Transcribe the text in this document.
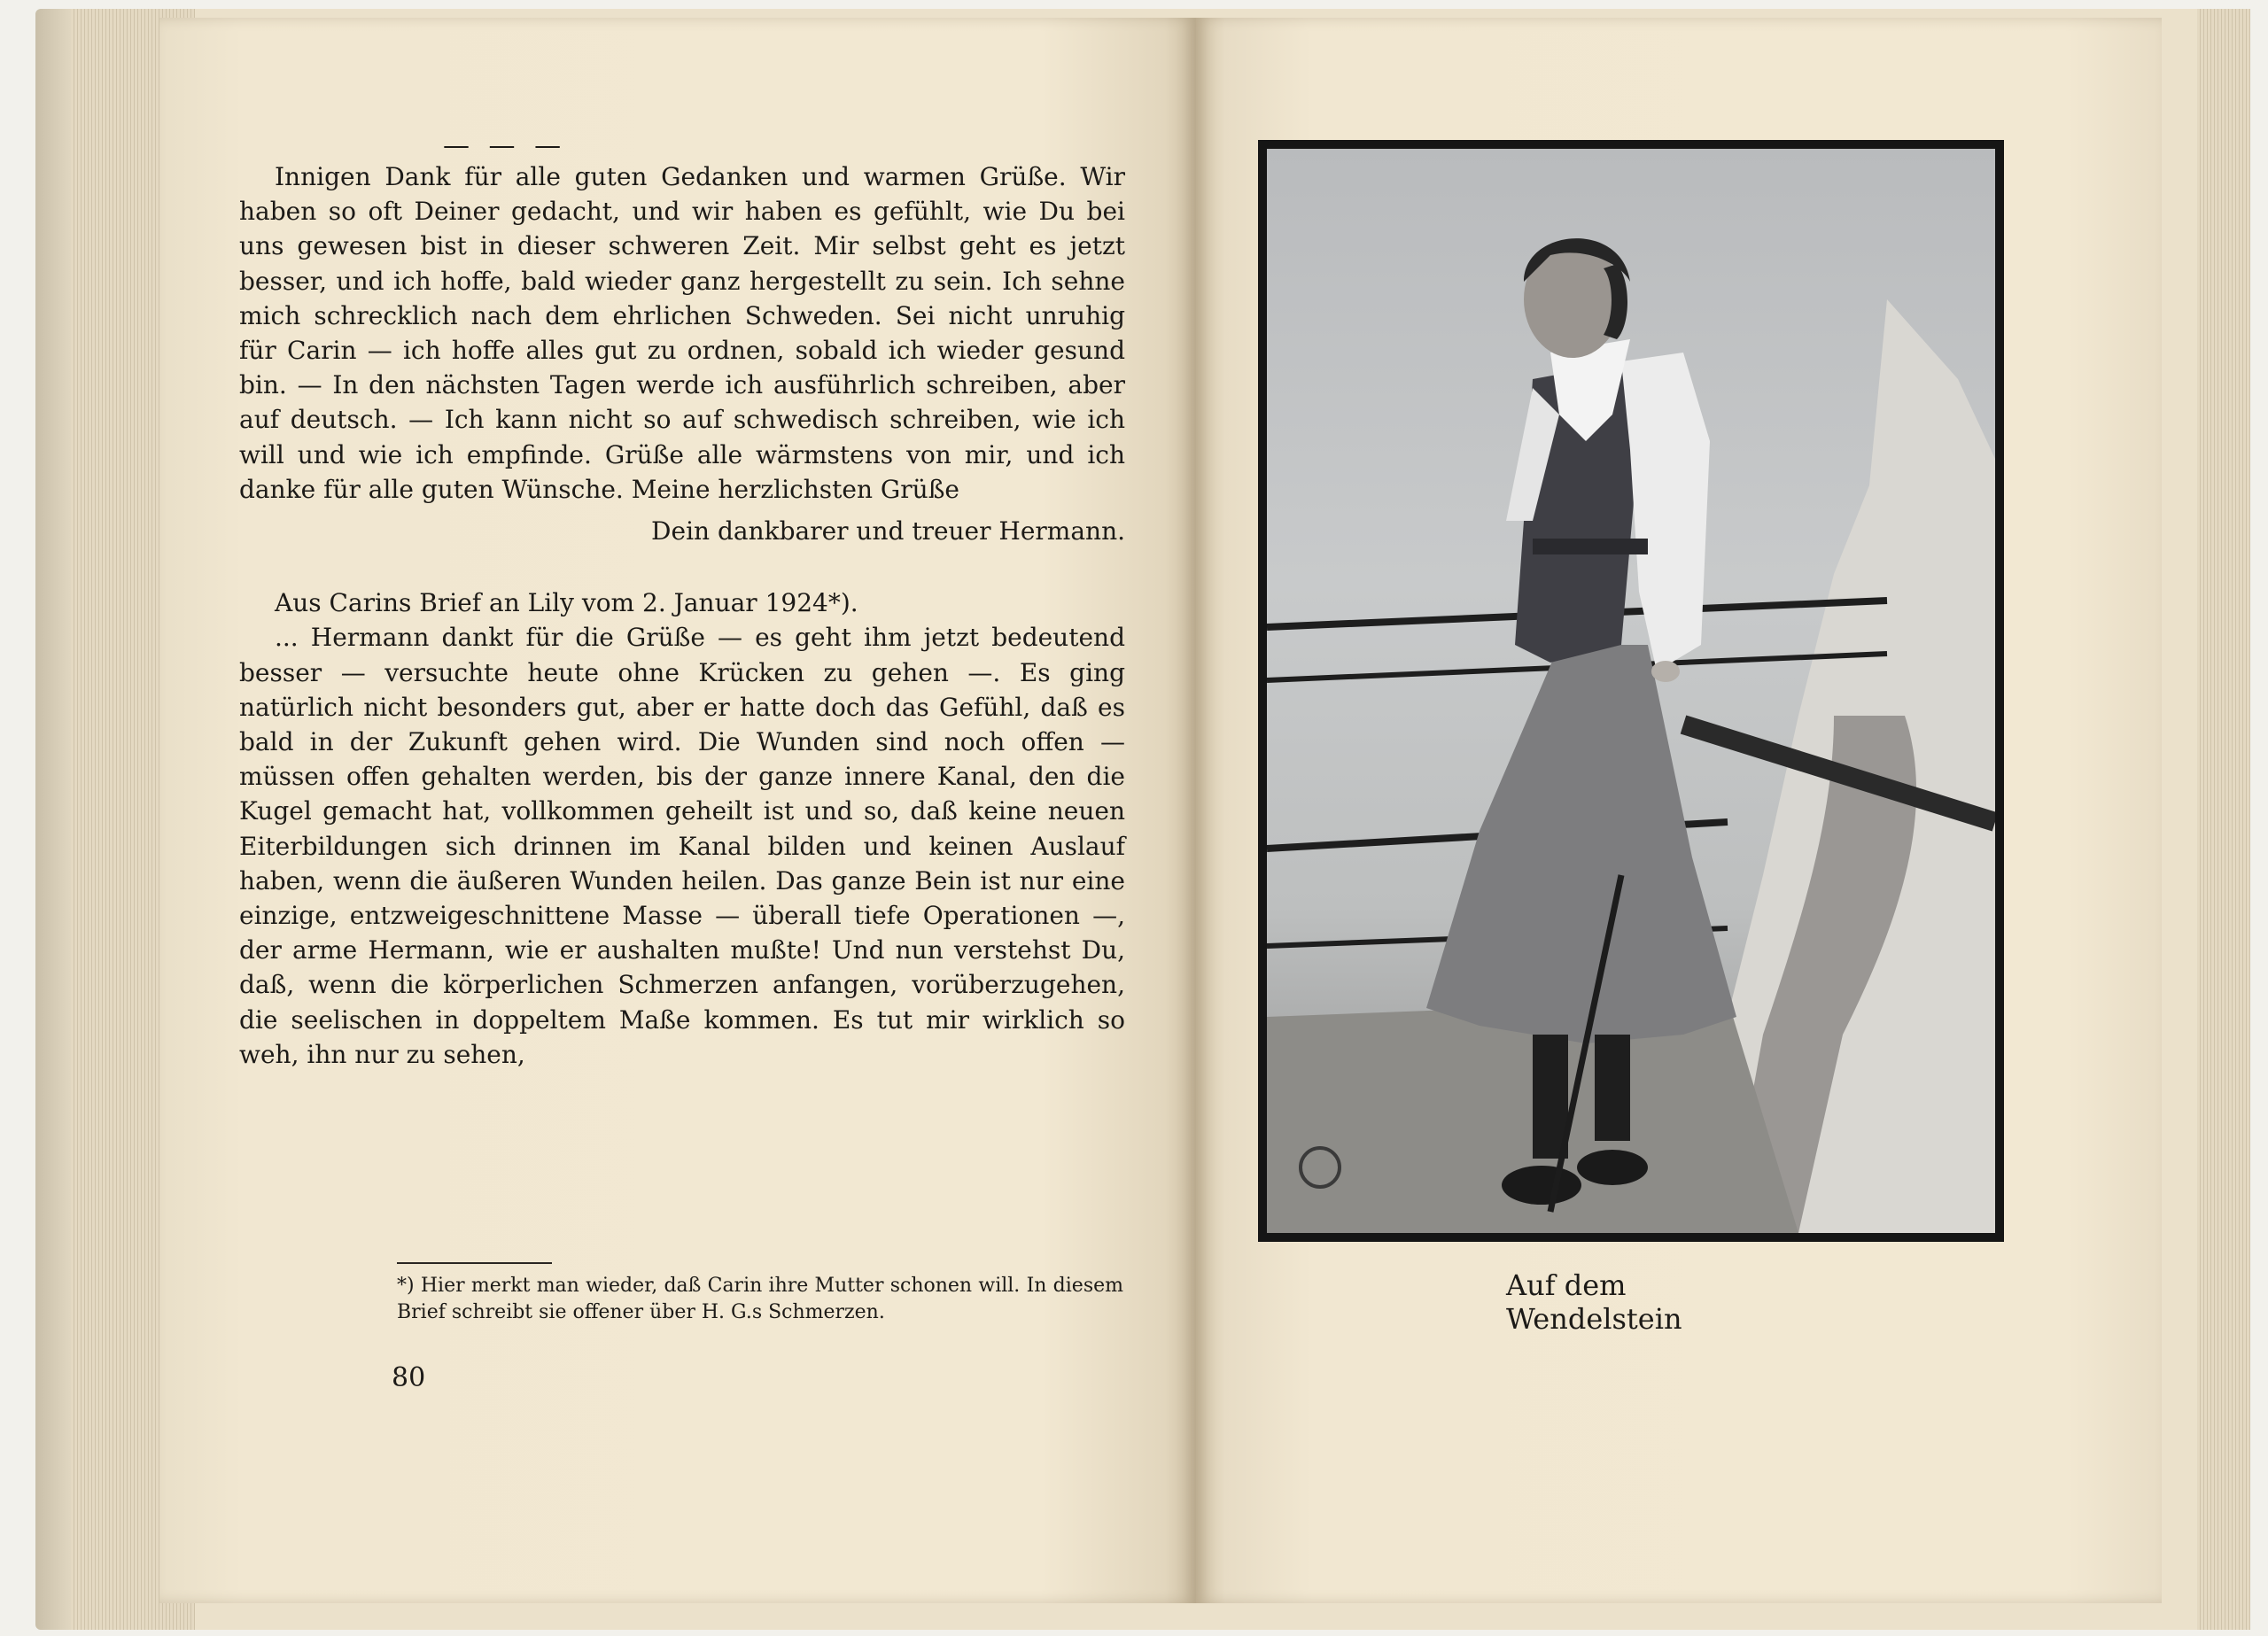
— — —

Innigen Dank für alle guten Gedanken und warmen Grüße. Wir haben so oft Deiner gedacht, und wir haben es gefühlt, wie Du bei uns gewesen bist in dieser schweren Zeit. Mir selbst geht es jetzt besser, und ich hoffe, bald wieder ganz hergestellt zu sein. Ich sehne mich schrecklich nach dem ehrlichen Schweden. Sei nicht unruhig für Carin — ich hoffe alles gut zu ordnen, sobald ich wieder gesund bin. — In den nächsten Tagen werde ich ausführlich schreiben, aber auf deutsch. — Ich kann nicht so auf schwedisch schreiben, wie ich will und wie ich empfinde. Grüße alle wärmstens von mir, und ich danke für alle guten Wünsche. Meine herzlichsten Grüße

Dein dankbarer und treuer Hermann.

Aus Carins Brief an Lily vom 2. Januar 1924*).

... Hermann dankt für die Grüße — es geht ihm jetzt bedeutend besser — versuchte heute ohne Krücken zu gehen —. Es ging natürlich nicht besonders gut, aber er hatte doch das Gefühl, daß es bald in der Zukunft gehen wird. Die Wunden sind noch offen — müssen offen gehalten werden, bis der ganze innere Kanal, den die Kugel gemacht hat, vollkommen geheilt ist und so, daß keine neuen Eiterbildungen sich drinnen im Kanal bilden und keinen Auslauf haben, wenn die äußeren Wunden heilen. Das ganze Bein ist nur eine einzige, entzweigeschnittene Masse — überall tiefe Operationen —, der arme Hermann, wie er aushalten mußte! Und nun verstehst Du, daß, wenn die körperlichen Schmerzen anfangen, vorüberzugehen, die seelischen in doppeltem Maße kommen. Es tut mir wirklich so weh, ihn nur zu sehen,

*) Hier merkt man wieder, daß Carin ihre Mutter schonen will. In diesem Brief schreibt sie offener über H. G.s Schmerzen.
80
Auf dem Wendelstein
